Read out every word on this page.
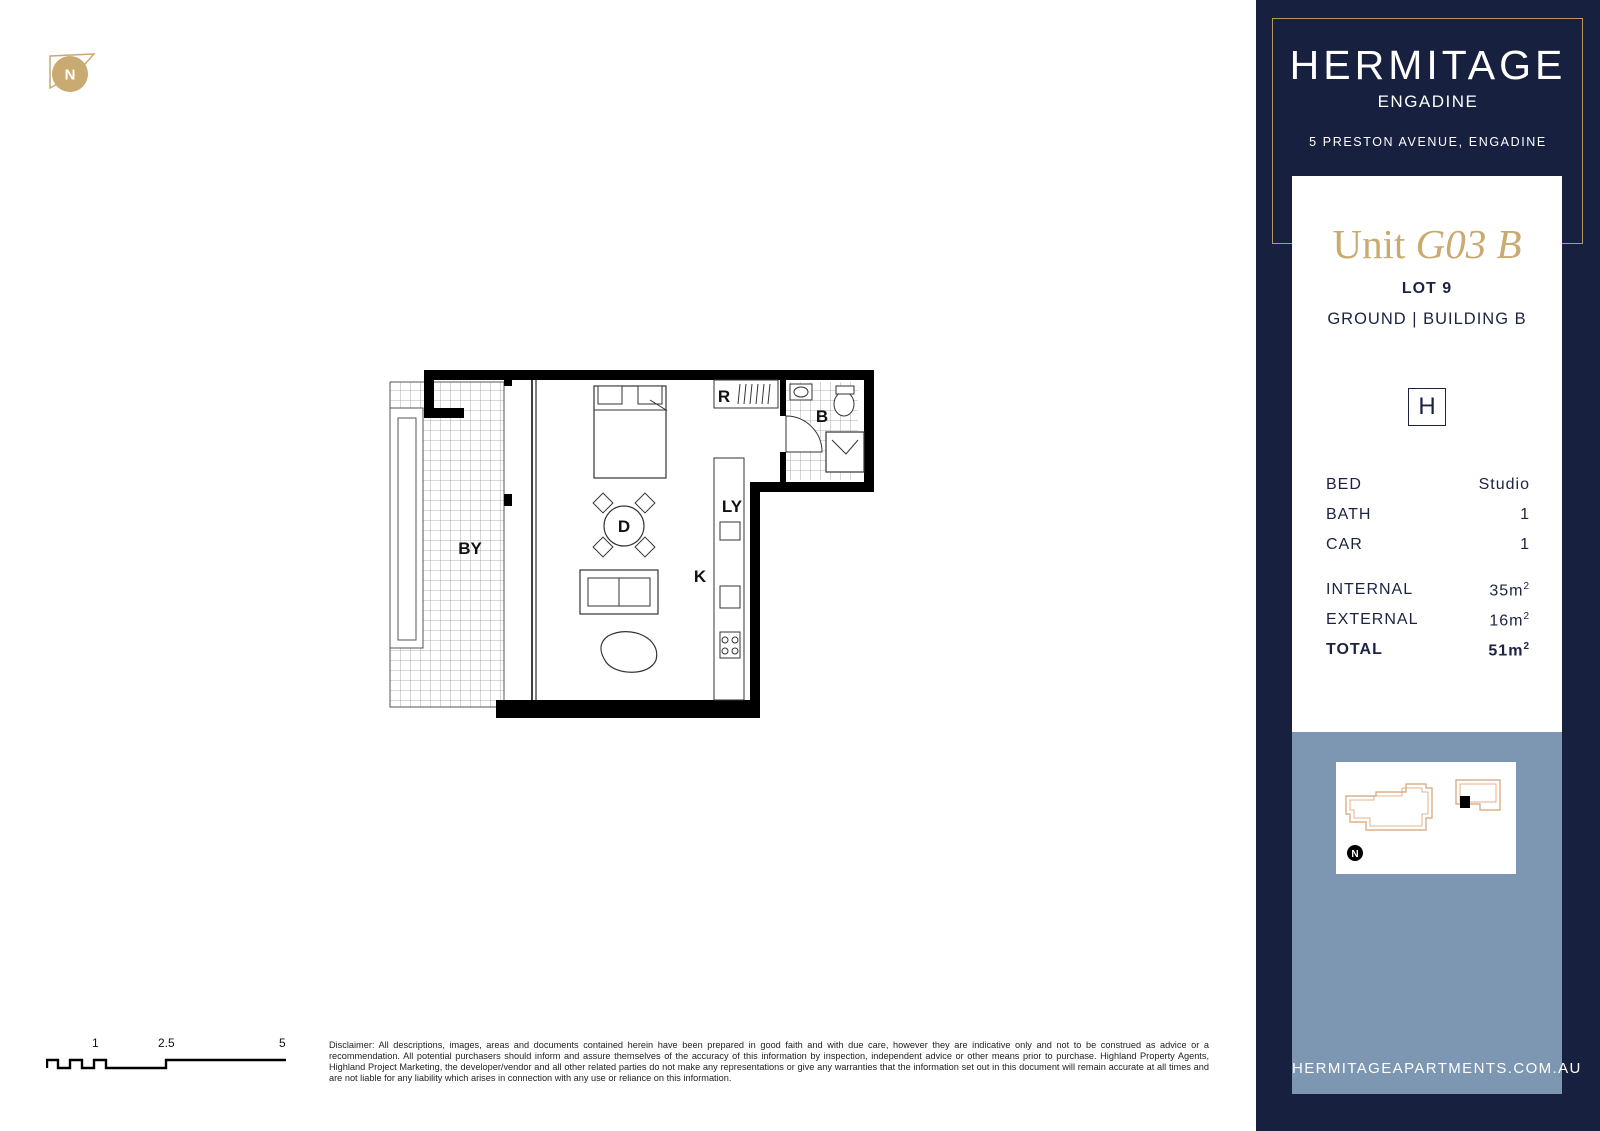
N
BY
R
B
LY
D
K
1	2.5	5	Disclaimer: All descriptions, images, areas and documents contained herein have been prepared in good faith and with due care, however they are indicative only and not to be construed as advice or a recommendation. All potential purchasers should inform and assure themselves of the accuracy of this information by inspection, independent advice or other means prior to purchase. Highland Property Agents, Highland Project Marketing, the developer/vendor and all other related parties do not make any representations or give any warranties that the information set out in this document will remain accurate at all times and are not liable for any liability which arises in connection with any use or reliance on this information.
HERMITAGE
ENGADINE
5 PRESTON AVENUE, ENGADINE
Unit G03 B
LOT 9
GROUND | BUILDING B
H
BED	Studio
BATH	1
CAR	1
INTERNAL	$35m^2$
EXTERNAL	$16m^2$
TOTAL	$51m^2$
N
HERMITAGEAPARTMENTS.COM.AU
